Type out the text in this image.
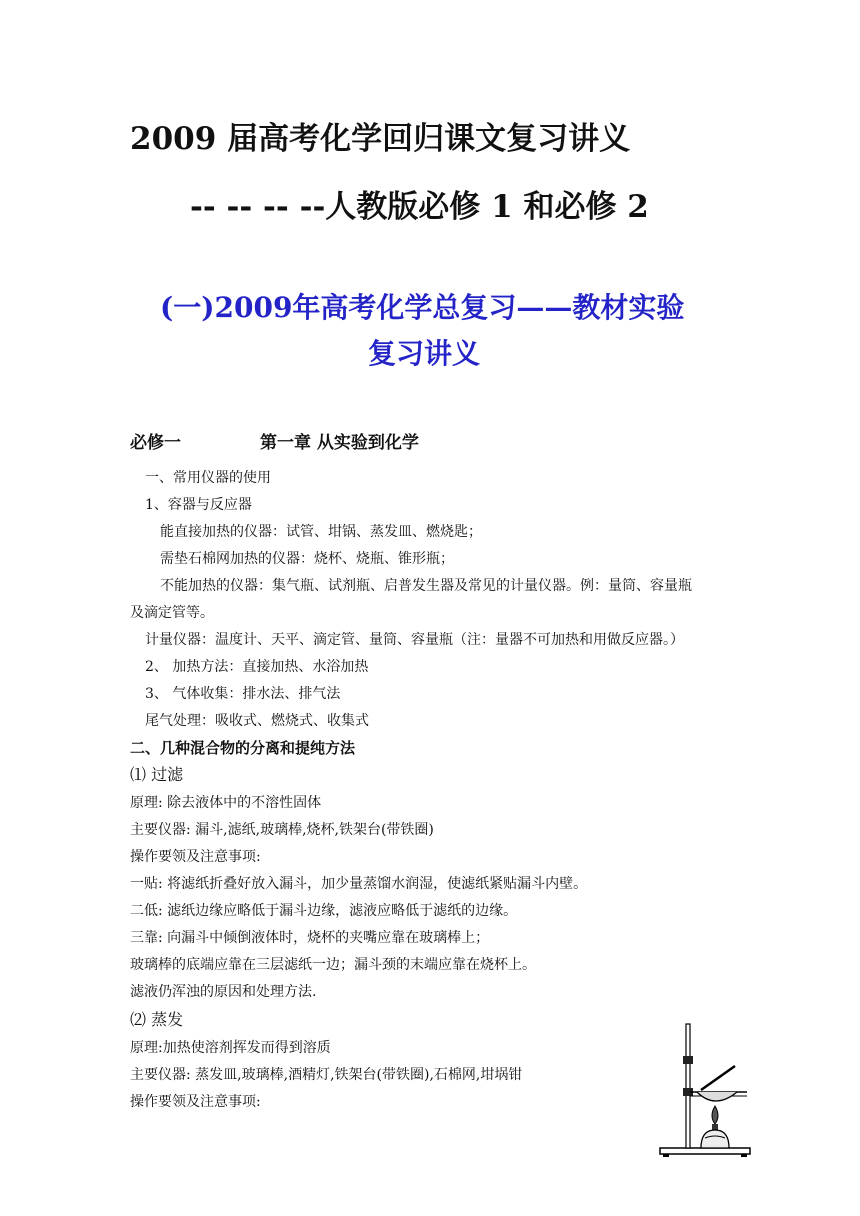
2009 届高考化学回归课文复习讲义
-- -- -- --人教版必修 1 和必修 2
(一)2009年高考化学总复习——教材实验
复习讲义
必修一	第一章 从实验到化学
一、常用仪器的使用
1、容器与反应器
能直接加热的仪器：试管、坩锅、蒸发皿、燃烧匙；
需垫石棉网加热的仪器：烧杯、烧瓶、锥形瓶；
不能加热的仪器：集气瓶、试剂瓶、启普发生器及常见的计量仪器。例：量筒、容量瓶
及滴定管等。
计量仪器：温度计、天平、滴定管、量筒、容量瓶（注：量器不可加热和用做反应器。）
2、 加热方法：直接加热、水浴加热
3、 气体收集：排水法、排气法
尾气处理：吸收式、燃烧式、收集式
二、几种混合物的分离和提纯方法
⑴ 过滤
原理: 除去液体中的不溶性固体
主要仪器: 漏斗,滤纸,玻璃棒,烧杯,铁架台(带铁圈)
操作要领及注意事项:
一贴: 将滤纸折叠好放入漏斗，加少量蒸馏水润湿，使滤纸紧贴漏斗内壁。
二低: 滤纸边缘应略低于漏斗边缘，滤液应略低于滤纸的边缘。
三靠: 向漏斗中倾倒液体时，烧杯的夹嘴应靠在玻璃棒上；
玻璃棒的底端应靠在三层滤纸一边；漏斗颈的末端应靠在烧杯上。
滤液仍浑浊的原因和处理方法.
⑵ 蒸发
原理:加热使溶剂挥发而得到溶质
主要仪器: 蒸发皿,玻璃棒,酒精灯,铁架台(带铁圈),石棉网,坩埚钳
操作要领及注意事项:
